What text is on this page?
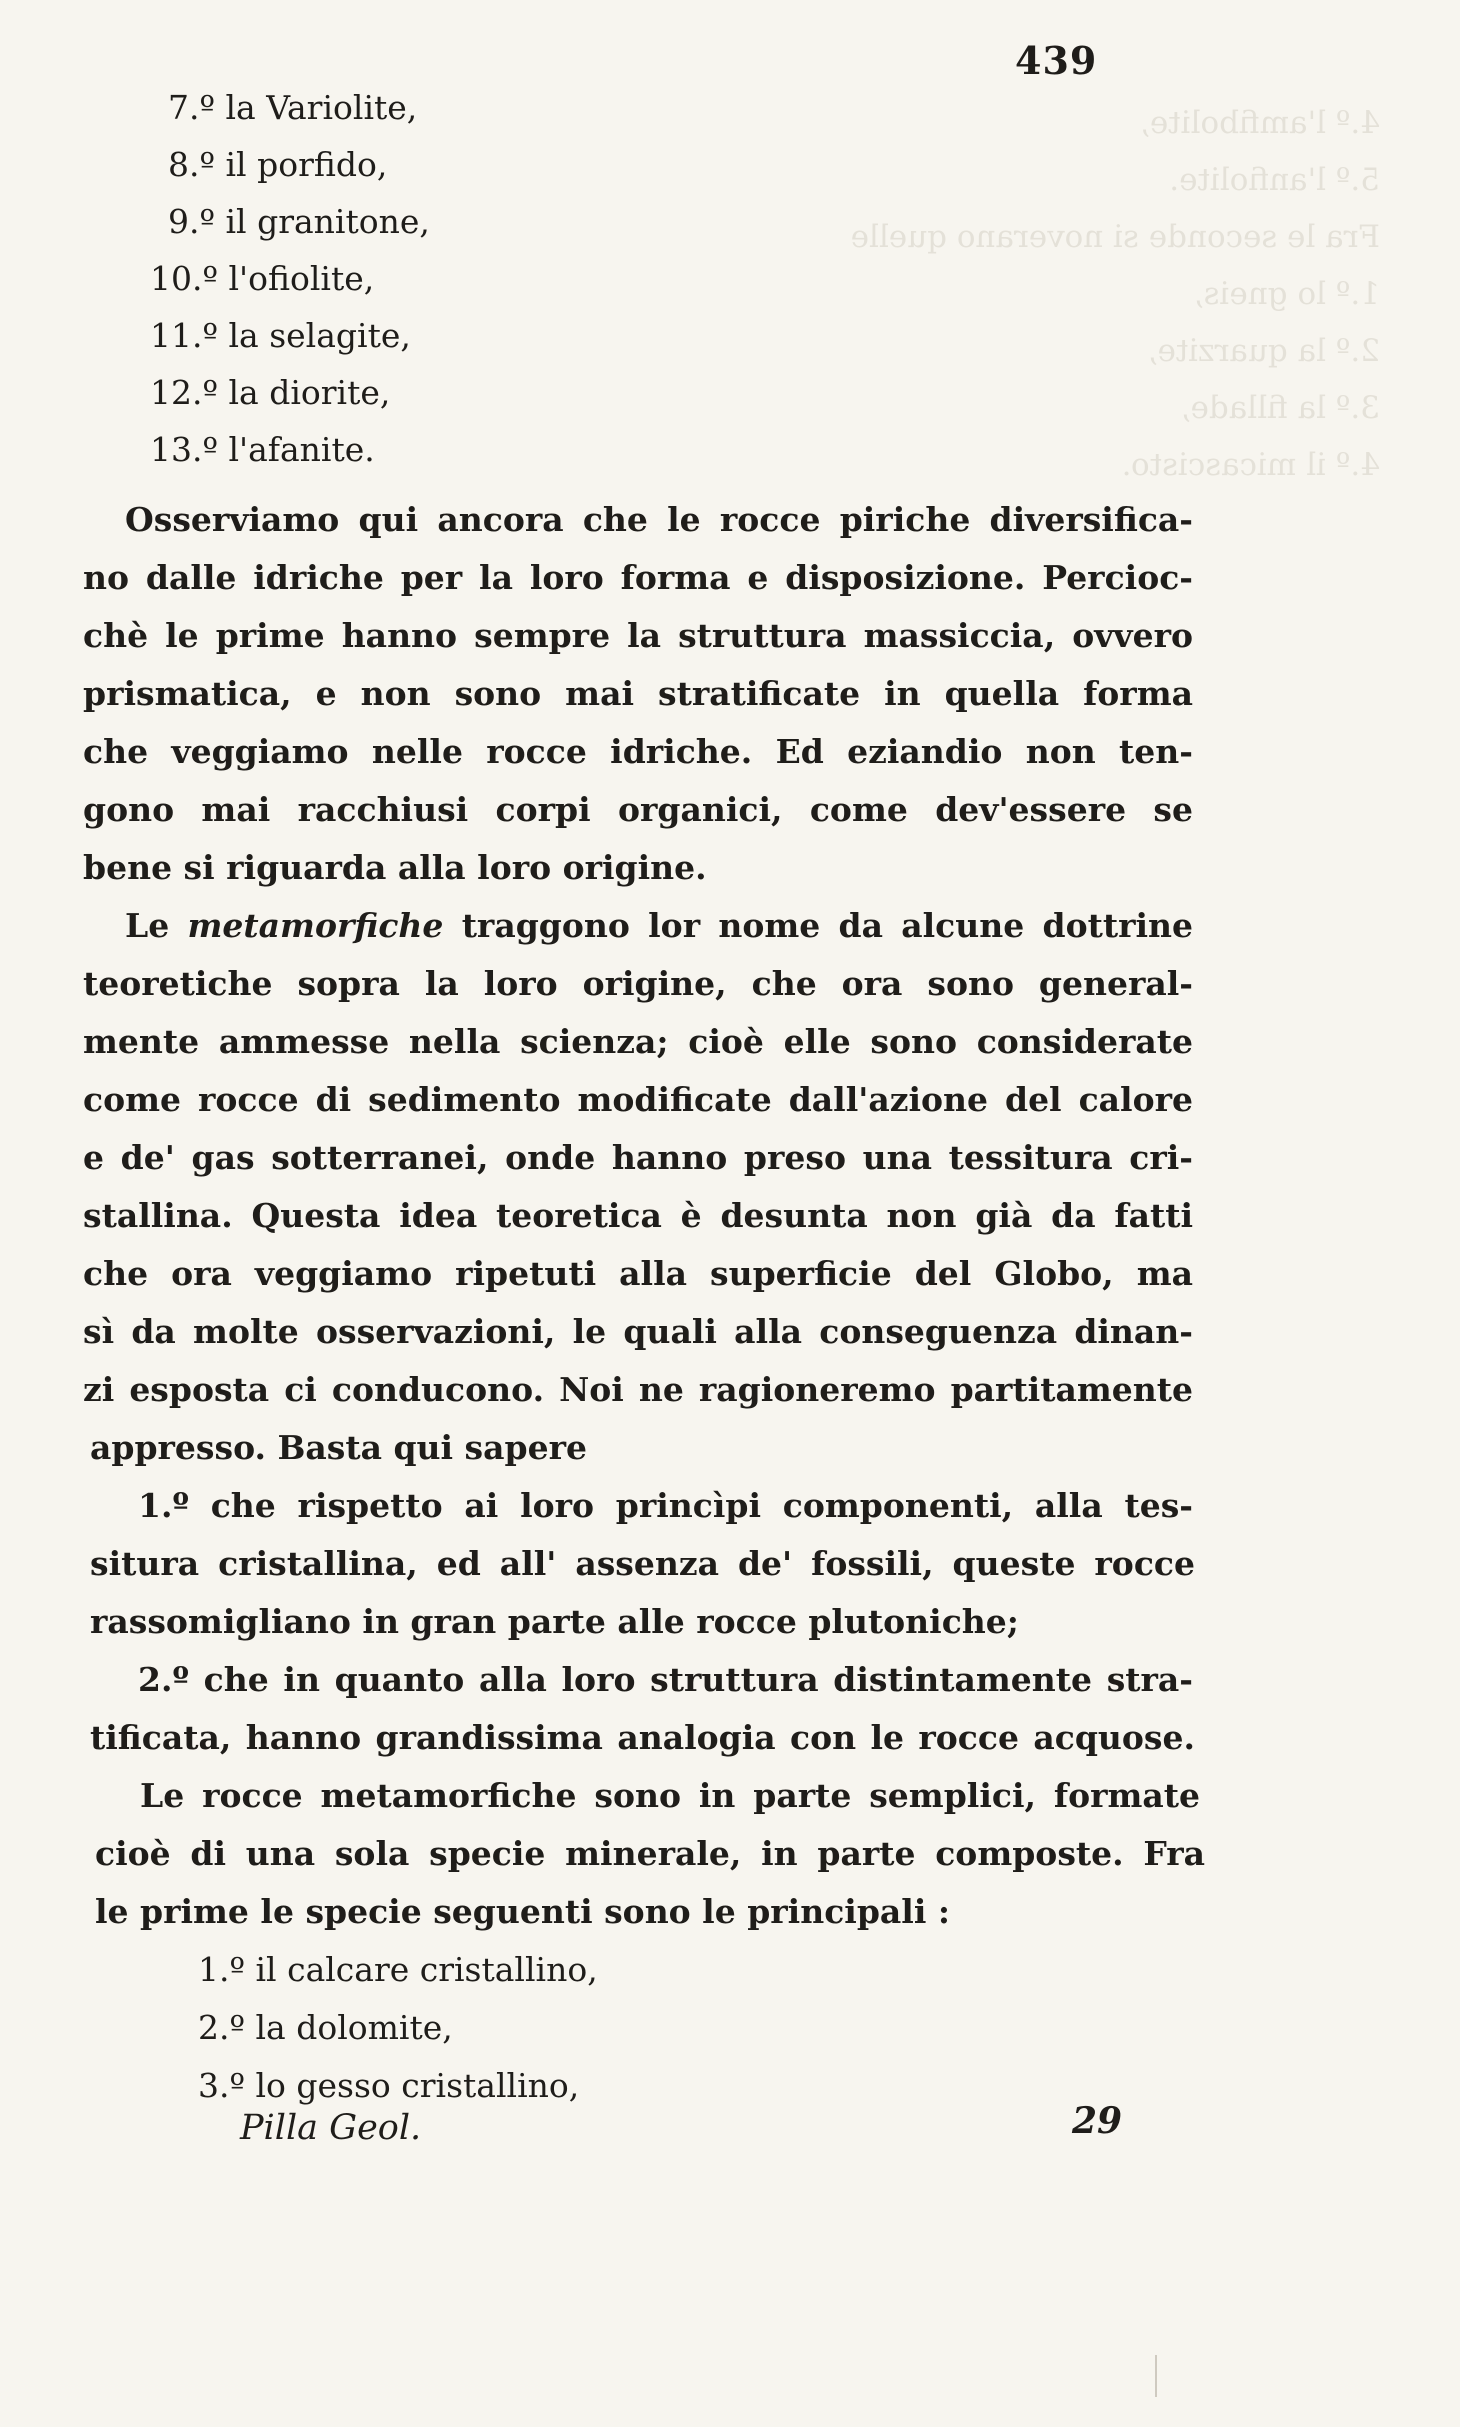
4.º l'amfibolite,
5.º l'anfiolite.
Fra le seconde si noverano quelle
1.º lo gneis,
2.º la quarzite,
3.º la fillade,
4.º il micascisto.
439
7.º la Variolite,
8.º il porfido,
9.º il granitone,
10.º l'ofiolite,
11.º la selagite,
12.º la diorite,
13.º l'afanite.
Osserviamo qui ancora che le rocce piriche diversifica-
no dalle idriche per la loro forma e disposizione. Percioc-
chè le prime hanno sempre la struttura massiccia, ovvero
prismatica, e non sono mai stratificate in quella forma
che veggiamo nelle rocce idriche. Ed eziandio non ten-
gono mai racchiusi corpi organici, come dev'essere se
bene si riguarda alla loro origine.
Le metamorfiche traggono lor nome da alcune dottrine
teoretiche sopra la loro origine, che ora sono general-
mente ammesse nella scienza; cioè elle sono considerate
come rocce di sedimento modificate dall'azione del calore
e de' gas sotterranei, onde hanno preso una tessitura cri-
stallina. Questa idea teoretica è desunta non già da fatti
che ora veggiamo ripetuti alla superficie del Globo, ma
sì da molte osservazioni, le quali alla conseguenza dinan-
zi esposta ci conducono. Noi ne ragioneremo partitamente
appresso. Basta qui sapere
1.º che rispetto ai loro princìpi componenti, alla tes-
situra cristallina, ed all' assenza de' fossili, queste rocce
rassomigliano in gran parte alle rocce plutoniche;
2.º che in quanto alla loro struttura distintamente stra-
tificata, hanno grandissima analogia con le rocce acquose.
Le rocce metamorfiche sono in parte semplici, formate
cioè di una sola specie minerale, in parte composte. Fra
le prime le specie seguenti sono le principali :
1.º il calcare cristallino,
2.º la dolomite,
3.º lo gesso cristallino,
Pilla Geol.	29
